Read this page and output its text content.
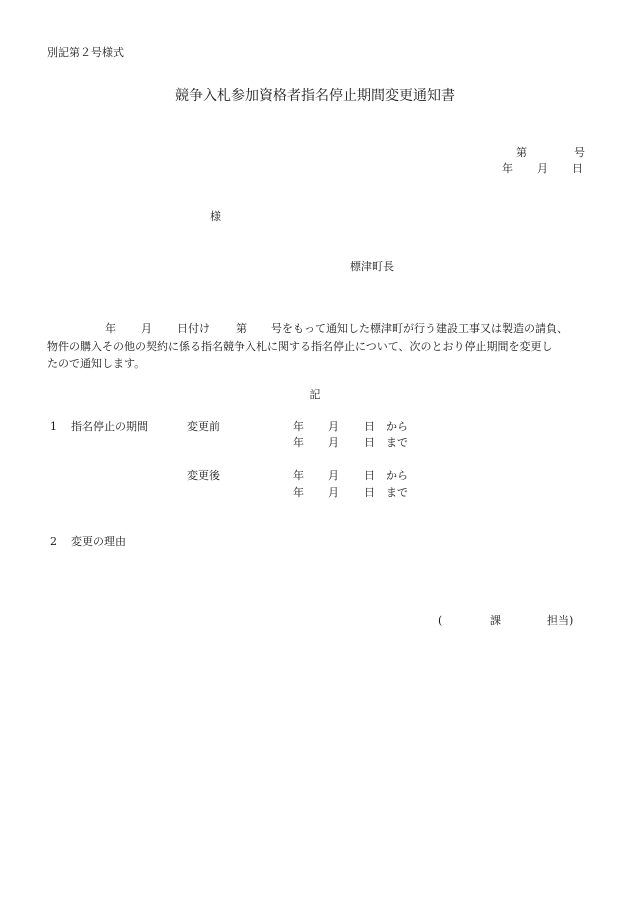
別記第２号様式
競争入札参加資格者指名停止期間変更通知書
第	号
年 月 日
様
標津町長
年 月 日付け 第 号をもって通知した標津町が行う建設工事又は製造の請負、
物件の購入その他の契約に係る指名競争入札に関する指名停止について、次のとおり停止期間を変更し
たので通知します。
記
1 指名停止の期間	変更前	年 月 日 から
年 月 日 まで
変更後	年 月 日 から
年 月 日 まで
2 変更の理由
(	課	担当)
